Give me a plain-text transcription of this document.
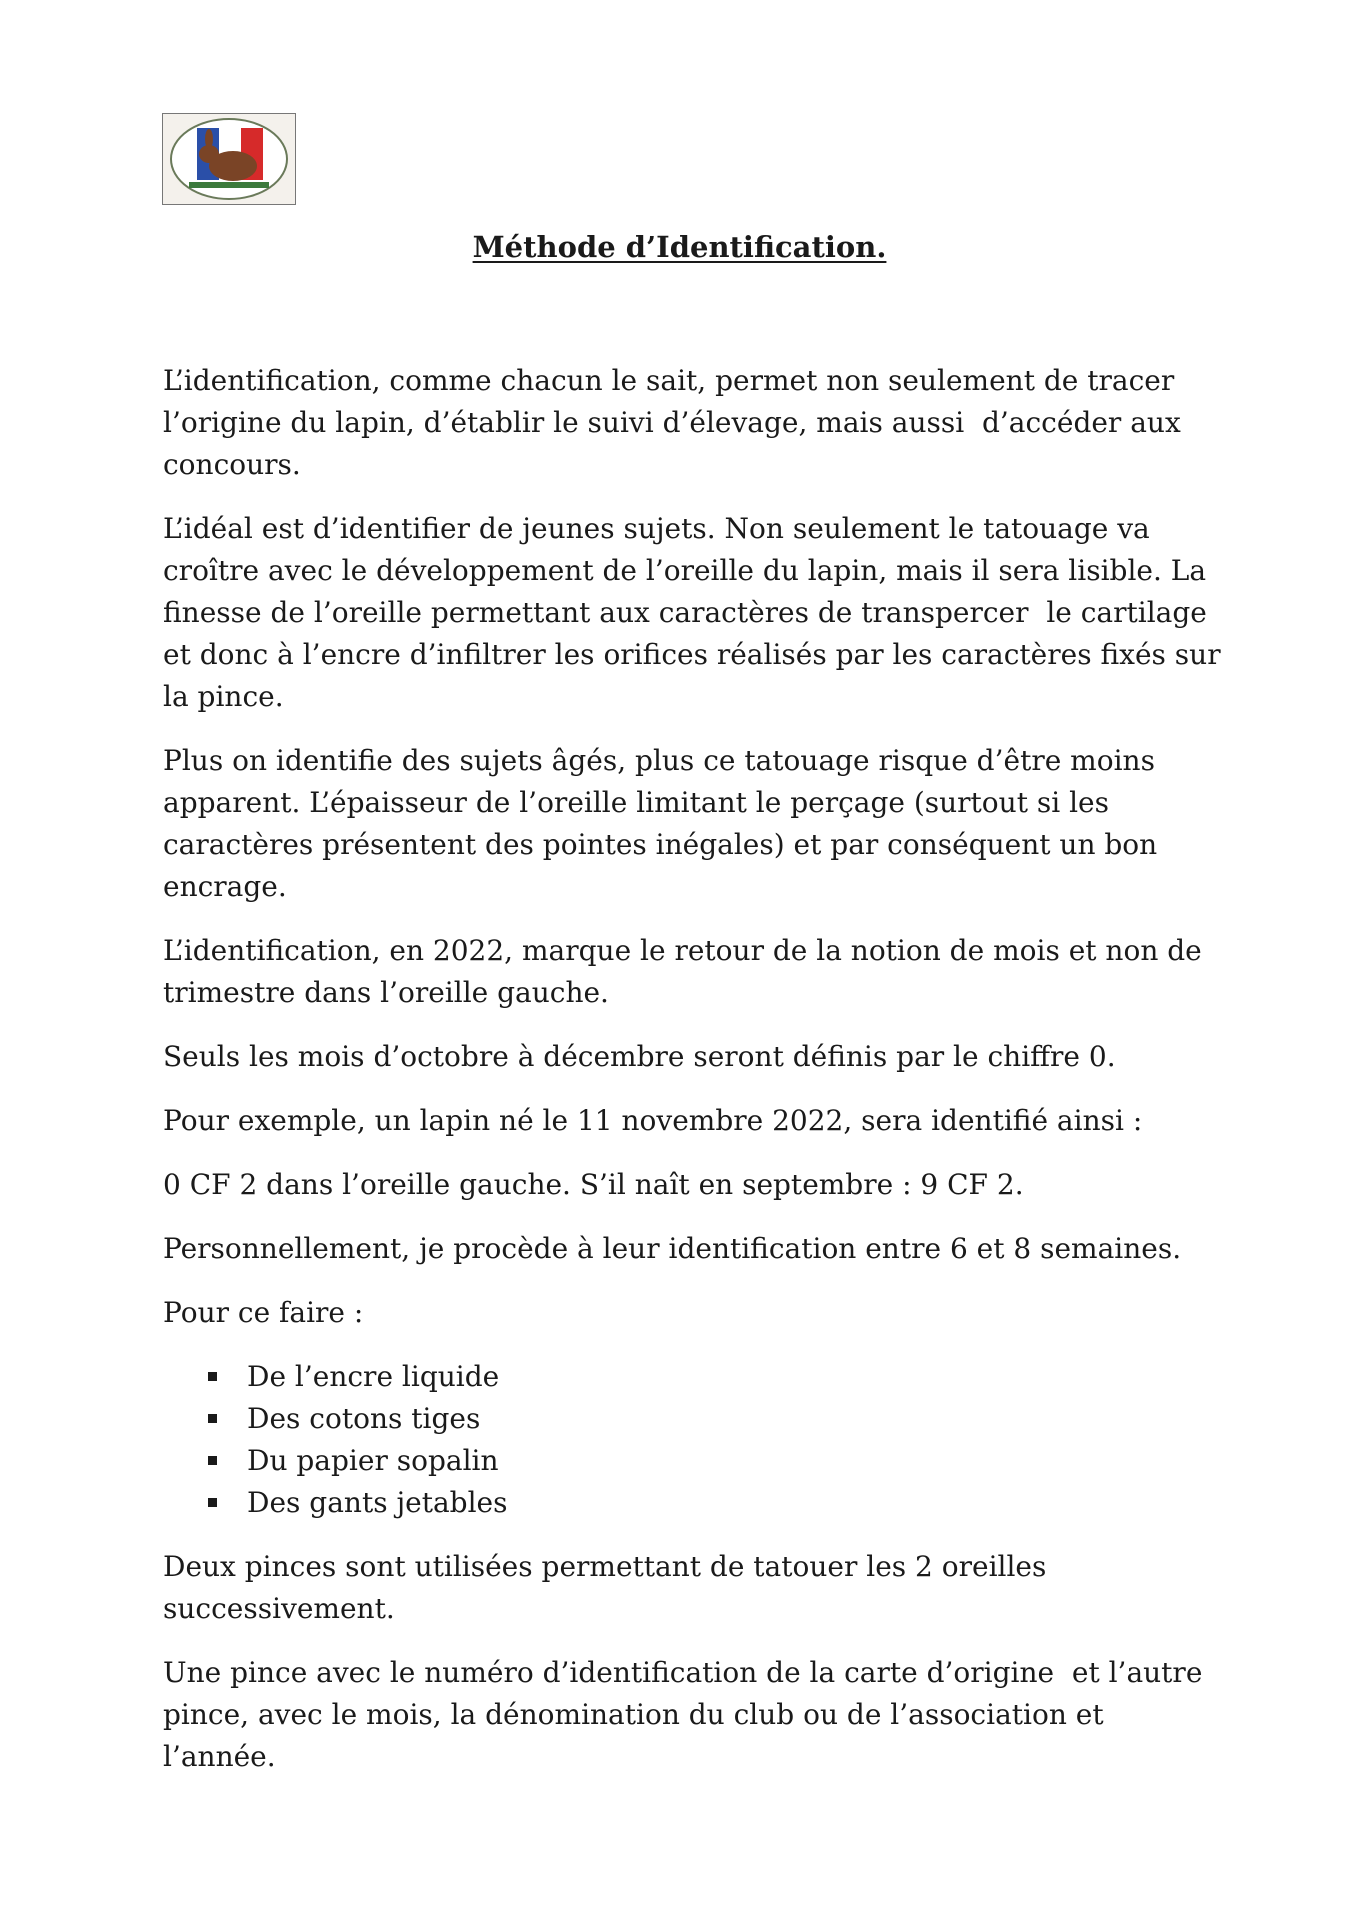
Méthode d’Identification.

L’identification, comme chacun le sait, permet non seulement de tracer
l’origine du lapin, d’établir le suivi d’élevage, mais aussi  d’accéder aux
concours.

L’idéal est d’identifier de jeunes sujets. Non seulement le tatouage va
croître avec le développement de l’oreille du lapin, mais il sera lisible. La
finesse de l’oreille permettant aux caractères de transpercer  le cartilage
et donc à l’encre d’infiltrer les orifices réalisés par les caractères fixés sur
la pince.

Plus on identifie des sujets âgés, plus ce tatouage risque d’être moins
apparent. L’épaisseur de l’oreille limitant le perçage (surtout si les
caractères présentent des pointes inégales) et par conséquent un bon
encrage.

L’identification, en 2022, marque le retour de la notion de mois et non de
trimestre dans l’oreille gauche.

Seuls les mois d’octobre à décembre seront définis par le chiffre 0.

Pour exemple, un lapin né le 11 novembre 2022, sera identifié ainsi :

0 CF 2 dans l’oreille gauche. S’il naît en septembre : 9 CF 2.

Personnellement, je procède à leur identification entre 6 et 8 semaines.

Pour ce faire :

De l’encre liquide
Des cotons tiges
Du papier sopalin
Des gants jetables

Deux pinces sont utilisées permettant de tatouer les 2 oreilles
successivement.

Une pince avec le numéro d’identification de la carte d’origine  et l’autre
pince, avec le mois, la dénomination du club ou de l’association et
l’année.
